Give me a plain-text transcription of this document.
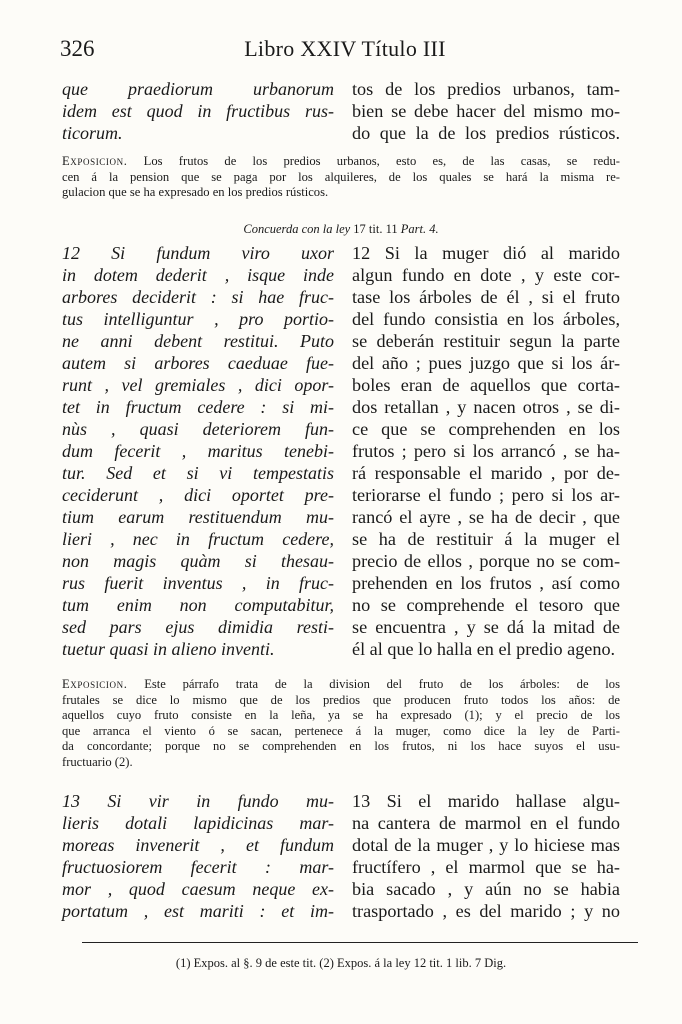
326	Libro XXIV Título III
que praediorum urbanorum
idem est quod in fructibus rus-
ticorum.
tos de los predios urbanos, tam-
bien se debe hacer del mismo mo-
do que la de los predios rústicos.
Exposicion. Los frutos de los predios urbanos, esto es, de las casas, se redu-
cen á la pension que se paga por los alquileres, de los quales se hará la misma re-
gulacion que se ha expresado en los predios rústicos.
Concuerda con la ley 17 tit. 11 Part. 4.
12 Si fundum viro uxor
in dotem dederit , isque inde
arbores deciderit : si hae fruc-
tus intelliguntur , pro portio-
ne anni debent restitui. Puto
autem si arbores caeduae fue-
runt , vel gremiales , dici opor-
tet in fructum cedere : si mi-
nùs , quasi deteriorem fun-
dum fecerit , maritus tenebi-
tur. Sed et si vi tempestatis
ceciderunt , dici oportet pre-
tium earum restituendum mu-
lieri , nec in fructum cedere,
non magis quàm si thesau-
rus fuerit inventus , in fruc-
tum enim non computabitur,
sed pars ejus dimidia resti-
tuetur quasi in alieno inventi.
12 Si la muger dió al marido
algun fundo en dote , y este cor-
tase los árboles de él , si el fruto
del fundo consistia en los árboles,
se deberán restituir segun la parte
del año ; pues juzgo que si los ár-
boles eran de aquellos que corta-
dos retallan , y nacen otros , se di-
ce que se comprehenden en los
frutos ; pero si los arrancó , se ha-
rá responsable el marido , por de-
teriorarse el fundo ; pero si los ar-
rancó el ayre , se ha de decir , que
se ha de restituir á la muger el
precio de ellos , porque no se com-
prehenden en los frutos , así como
no se comprehende el tesoro que
se encuentra , y se dá la mitad de
él al que lo halla en el predio ageno.
Exposicion. Este párrafo trata de la division del fruto de los árboles: de los
frutales se dice lo mismo que de los predios que producen fruto todos los años: de
aquellos cuyo fruto consiste en la leña, ya se ha expresado (1); y el precio de los
que arranca el viento ó se sacan, pertenece á la muger, como dice la ley de Parti-
da concordante; porque no se comprehenden en los frutos, ni los hace suyos el usu-
fructuario (2).
13 Si vir in fundo mu-
lieris dotali lapidicinas mar-
moreas invenerit , et fundum
fructuosiorem fecerit : mar-
mor , quod caesum neque ex-
portatum , est mariti : et im-
13 Si el marido hallase algu-
na cantera de marmol en el fundo
dotal de la muger , y lo hiciese mas
fructífero , el marmol que se ha-
bia sacado , y aún no se habia
trasportado , es del marido ; y no
(1) Expos. al §. 9 de este tit. (2) Expos. á la ley 12 tit. 1 lib. 7 Dig.
